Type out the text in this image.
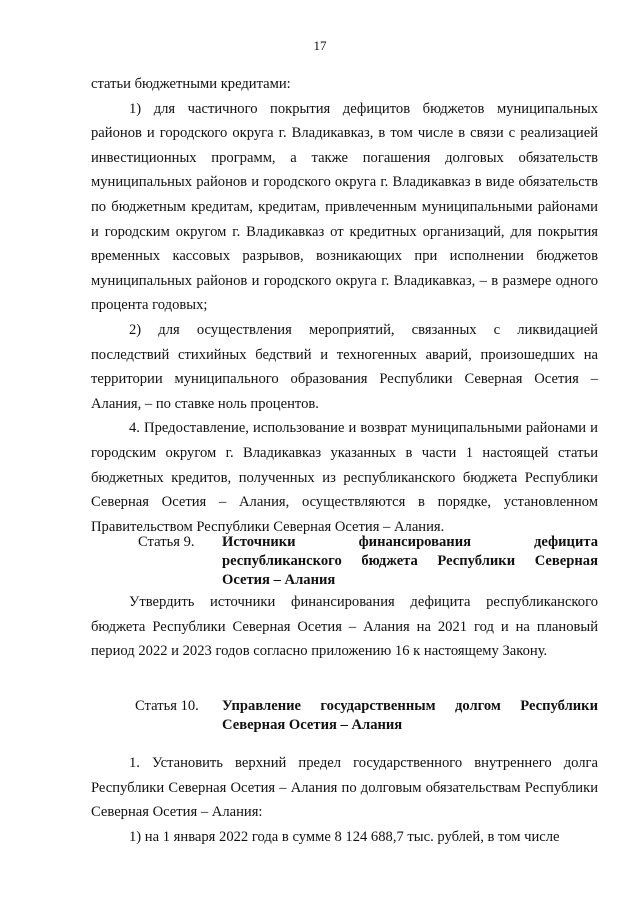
17

статьи бюджетными кредитами:

1) для частичного покрытия дефицитов бюджетов муниципальных районов и городского округа г. Владикавказ, в том числе в связи с реализацией инвестиционных программ, а также погашения долговых обязательств муниципальных районов и городского округа г. Владикавказ в виде обязательств по бюджетным кредитам, кредитам, привлеченным муниципальными районами и городским округом г. Владикавказ от кредитных организаций, для покрытия временных кассовых разрывов, возникающих при исполнении бюджетов муниципальных районов и городского округа г. Владикавказ, – в размере одного процента годовых;

2) для осуществления мероприятий, связанных с ликвидацией последствий стихийных бедствий и техногенных аварий, произошедших на территории муниципального образования Республики Северная Осетия – Алания, – по ставке ноль процентов.

4. Предоставление, использование и возврат муниципальными районами и городским округом г. Владикавказ указанных в части 1 настоящей статьи бюджетных кредитов, полученных из республиканского бюджета Республики Северная Осетия – Алания, осуществляются в порядке, установленном Правительством Республики Северная Осетия – Алания.

Статья 9. Источники финансирования дефицита республиканского бюджета Республики Северная Осетия – Алания

Утвердить источники финансирования дефицита республиканского бюджета Республики Северная Осетия – Алания на 2021 год и на плановый период 2022 и 2023 годов согласно приложению 16 к настоящему Закону.

Статья 10. Управление государственным долгом Республики Северная Осетия – Алания

1. Установить верхний предел государственного внутреннего долга Республики Северная Осетия – Алания по долговым обязательствам Республики Северная Осетия – Алания:

1) на 1 января 2022 года в сумме 8 124 688,7 тыс. рублей, в том числе
